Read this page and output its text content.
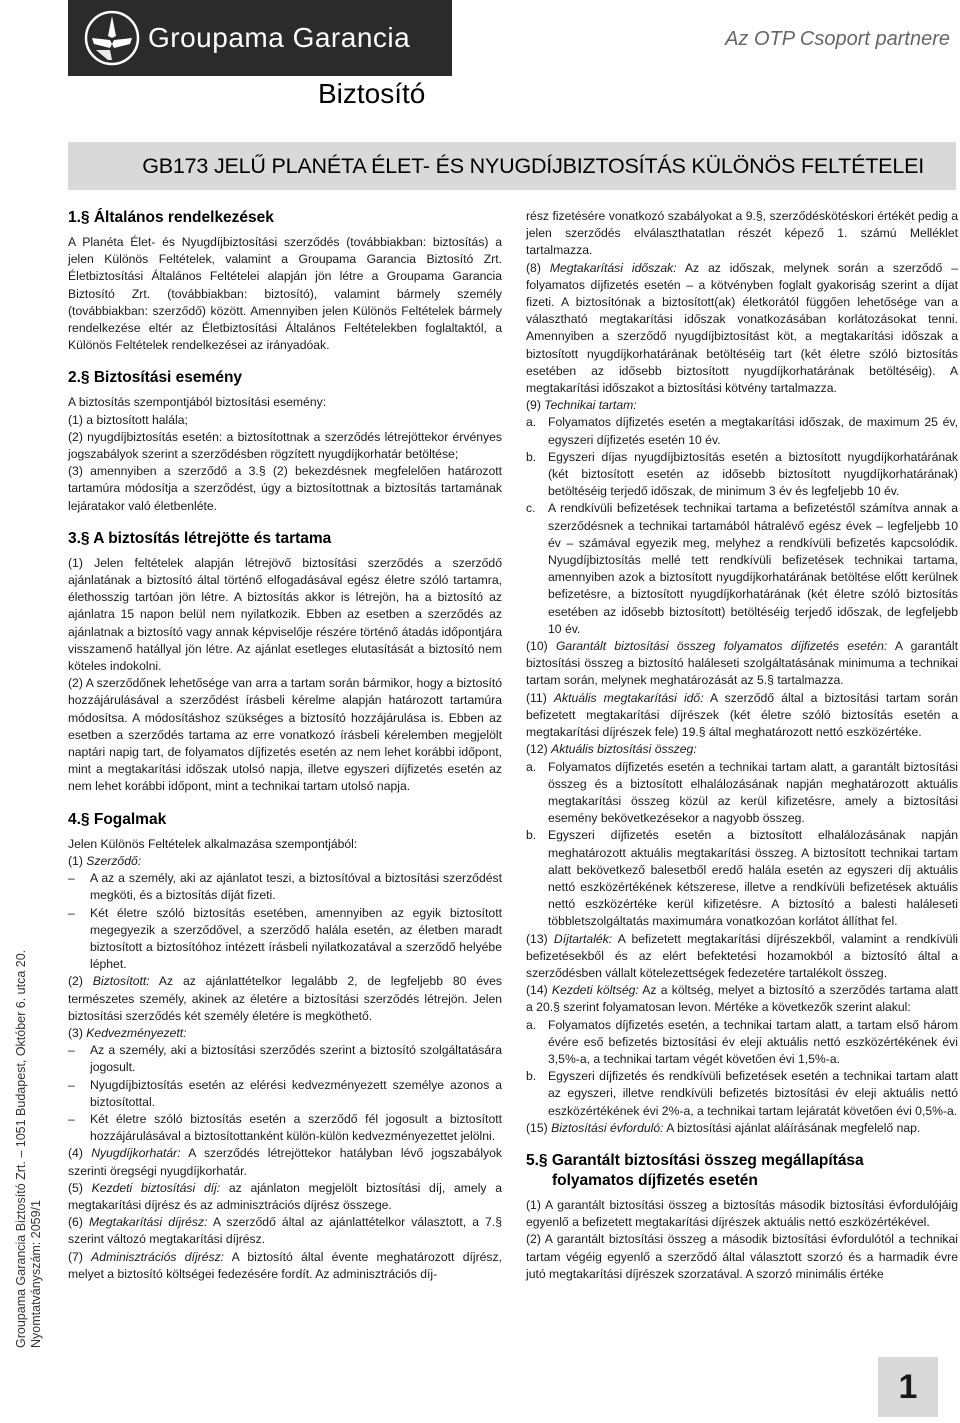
Groupama Garancia	Az OTP Csoport partnere
Biztosító
GB173 JELŰ PLANÉTA ÉLET- ÉS NYUGDÍJBIZTOSÍTÁS KÜLÖNÖS FELTÉTELEI
Groupama Garancia Biztosító Zrt. – 1051 Budapest, Október 6. utca 20. Nyomtatványszám: 2059/1
1.§ Általános rendelkezések

A Planéta Élet- és Nyugdíjbiztosítási szerződés (továbbiakban: biztosítás) a jelen Különös Feltételek, valamint a Groupama Garancia Biztosító Zrt. Életbiztosítási Általános Feltételei alapján jön létre a Groupama Garancia Biztosító Zrt. (továbbiakban: biztosító), valamint bármely személy (továbbiakban: szerződő) között. Amennyiben jelen Különös Feltételek bármely rendelkezése eltér az Életbiztosítási Általános Feltételekben foglaltaktól, a Különös Feltételek rendelkezései az irányadóak.

2.§ Biztosítási esemény

A biztosítás szempontjából biztosítási esemény:

(1) a biztosított halála;

(2) nyugdíjbiztosítás esetén: a biztosítottnak a szerződés létrejöttekor érvényes jogszabályok szerint a szerződésben rögzített nyugdíjkorhatár betöltése;

(3) amennyiben a szerződő a 3.§ (2) bekezdésnek megfelelően határozott tartamúra módosítja a szerződést, úgy a biztosítottnak a biztosítás tartamának lejáratakor való életbenléte.

3.§ A biztosítás létrejötte és tartama

(1) Jelen feltételek alapján létrejövő biztosítási szerződés a szerződő ajánlatának a biztosító által történő elfogadásával egész életre szóló tartamra, élethosszig tartóan jön létre. A biztosítás akkor is létrejön, ha a biztosító az ajánlatra 15 napon belül nem nyilatkozik. Ebben az esetben a szerződés az ajánlatnak a biztosító vagy annak képviselője részére történő átadás időpontjára visszamenő hatállyal jön létre. Az ajánlat esetleges elutasítását a biztosító nem köteles indokolni.

(2) A szerződőnek lehetősége van arra a tartam során bármikor, hogy a biztosító hozzájárulásával a szerződést írásbeli kérelme alapján határozott tartamúra módosítsa. A módosításhoz szükséges a biztosító hozzájárulása is. Ebben az esetben a szerződés tartama az erre vonatkozó írásbeli kérelemben megjelölt naptári napig tart, de folyamatos díjfizetés esetén az nem lehet korábbi időpont, mint a megtakarítási időszak utolsó napja, illetve egyszeri díjfizetés esetén az nem lehet korábbi időpont, mint a technikai tartam utolsó napja.

4.§ Fogalmak

Jelen Különös Feltételek alkalmazása szempontjából:

(1) Szerződő:

–	A az a személy, aki az ajánlatot teszi, a biztosítóval a biztosítási szerződést megköti, és a biztosítás díját fizeti.
–	Két életre szóló biztosítás esetében, amennyiben az egyik biztosított megegyezik a szerződővel, a szerződő halála esetén, az életben maradt biztosított a biztosítóhoz intézett írásbeli nyilatkozatával a szerződő helyébe léphet.

(2) Biztosított: Az az ajánlattételkor legalább 2, de legfeljebb 80 éves természetes személy, akinek az életére a biztosítási szerződés létrejön. Jelen biztosítási szerződés két személy életére is megköthető.

(3) Kedvezményezett:

–	Az a személy, aki a biztosítási szerződés szerint a biztosító szolgáltatására jogosult.
–	Nyugdíjbiztosítás esetén az elérési kedvezményezett személye azonos a biztosítottal.
–	Két életre szóló biztosítás esetén a szerződő fél jogosult a biztosított hozzájárulásával a biztosítottanként külön-külön kedvezményezettet jelölni.

(4) Nyugdíjkorhatár: A szerződés létrejöttekor hatályban lévő jogszabályok szerinti öregségi nyugdíjkorhatár.

(5) Kezdeti biztosítási díj: az ajánlaton megjelölt biztosítási díj, amely a megtakarítási díjrész és az adminisztrációs díjrész összege.

(6) Megtakarítási díjrész: A szerződő által az ajánlattételkor választott, a 7.§ szerint változó megtakarítási díjrész.

(7) Adminisztrációs díjrész: A biztosító által évente meghatározott díjrész, melyet a biztosító költségei fedezésére fordít. Az adminisztrációs díj-

rész fizetésére vonatkozó szabályokat a 9.§, szerződéskötéskori értékét pedig a jelen szerződés elválaszthatatlan részét képező 1. számú Melléklet tartalmazza.

(8) Megtakarítási időszak: Az az időszak, melynek során a szerződő – folyamatos díjfizetés esetén – a kötvényben foglalt gyakoriság szerint a díjat fizeti. A biztosítónak a biztosított(ak) életkorától függően lehetősége van a választható megtakarítási időszak vonatkozásában korlátozásokat tenni. Amennyiben a szerződő nyugdíjbiztosítást köt, a megtakarítási időszak a biztosított nyugdíjkorhatárának betöltéséig tart (két életre szóló biztosítás esetében az idősebb biztosított nyugdíjkorhatárának betöltéséig). A megtakarítási időszakot a biztosítási kötvény tartalmazza.

(9) Technikai tartam:

a. Folyamatos díjfizetés esetén a megtakarítási időszak, de maximum 25 év, egyszeri díjfizetés esetén 10 év.
b. Egyszeri díjas nyugdíjbiztosítás esetén a biztosított nyugdíjkorhatárának (két biztosított esetén az idősebb biztosított nyugdíjkorhatárának) betöltéséig terjedő időszak, de minimum 3 év és legfeljebb 10 év.
c.	A rendkívüli befizetések technikai tartama a befizetéstől számítva annak a szerződésnek a technikai tartamából hátralévő egész évek – legfeljebb 10 év – számával egyezik meg, melyhez a rendkívüli befizetés kapcsolódik. Nyugdíjbiztosítás mellé tett rendkívüli befizetések technikai tartama, amennyiben azok a biztosított nyugdíjkorhatárának betöltése előtt kerülnek befizetésre, a biztosított nyugdíjkorhatárának (két életre szóló biztosítás esetében az idősebb biztosított) betöltéséig terjedő időszak, de legfeljebb 10 év.

(10) Garantált biztosítási összeg folyamatos díjfizetés esetén: A garantált biztosítási összeg a biztosító haláleseti szolgáltatásának minimuma a technikai tartam során, melynek meghatározását az 5.§ tartalmazza.

(11) Aktuális megtakarítási idő: A szerződő által a biztosítási tartam során befizetett megtakarítási díjrészek (két életre szóló biztosítás esetén a megtakarítási díjrészek fele) 19.§ által meghatározott nettó eszközértéke.

(12) Aktuális biztosítási összeg:

a. Folyamatos díjfizetés esetén a technikai tartam alatt, a garantált biztosítási összeg és a biztosított elhalálozásának napján meghatározott aktuális megtakarítási összeg közül az kerül kifizetésre, amely a biztosítási esemény bekövetkezésekor a nagyobb összeg.
b. Egyszeri díjfizetés esetén a biztosított elhalálozásának napján meghatározott aktuális megtakarítási összeg. A biztosított technikai tartam alatt bekövetkező balesetből eredő halála esetén az egyszeri díj aktuális nettó eszközértékének kétszerese, illetve a rendkívüli befizetések aktuális nettó eszközértéke kerül kifizetésre. A biztosító a balesti haláleseti többletszolgáltatás maximumára vonatkozóan korlátot állíthat fel.

(13) Díjtartalék: A befizetett megtakarítási díjrészekből, valamint a rendkívüli befizetésekből és az elért befektetési hozamokból a biztosító által a szerződésben vállalt kötelezettségek fedezetére tartalékolt összeg.

(14) Kezdeti költség: Az a költség, melyet a biztosító a szerződés tartama alatt a 20.§ szerint folyamatosan levon. Mértéke a következők szerint alakul:

a. Folyamatos díjfizetés esetén, a technikai tartam alatt, a tartam első három évére eső befizetés biztosítási év eleji aktuális nettó eszközértékének évi 3,5%-a, a technikai tartam végét követően évi 1,5%-a.
b. Egyszeri díjfizetés és rendkívüli befizetések esetén a technikai tartam alatt az egyszeri, illetve rendkívüli befizetés biztosítási év eleji aktuális nettó eszközértékének évi 2%-a, a technikai tartam lejáratát követően évi 0,5%-a.

(15) Biztosítási évforduló: A biztosítási ajánlat aláírásának megfelelő nap.

5.§ Garantált biztosítási összeg megállapítása
folyamatos díjfizetés esetén

(1) A garantált biztosítási összeg a biztosítás második biztosítási évfordulójáig egyenlő a befizetett megtakarítási díjrészek aktuális nettó eszközértékével.

(2) A garantált biztosítási összeg a második biztosítási évfordulótól a technikai tartam végéig egyenlő a szerződő által választott szorzó és a harmadik évre jutó megtakarítási díjrészek szorzatával. A szorzó minimális értéke

1
